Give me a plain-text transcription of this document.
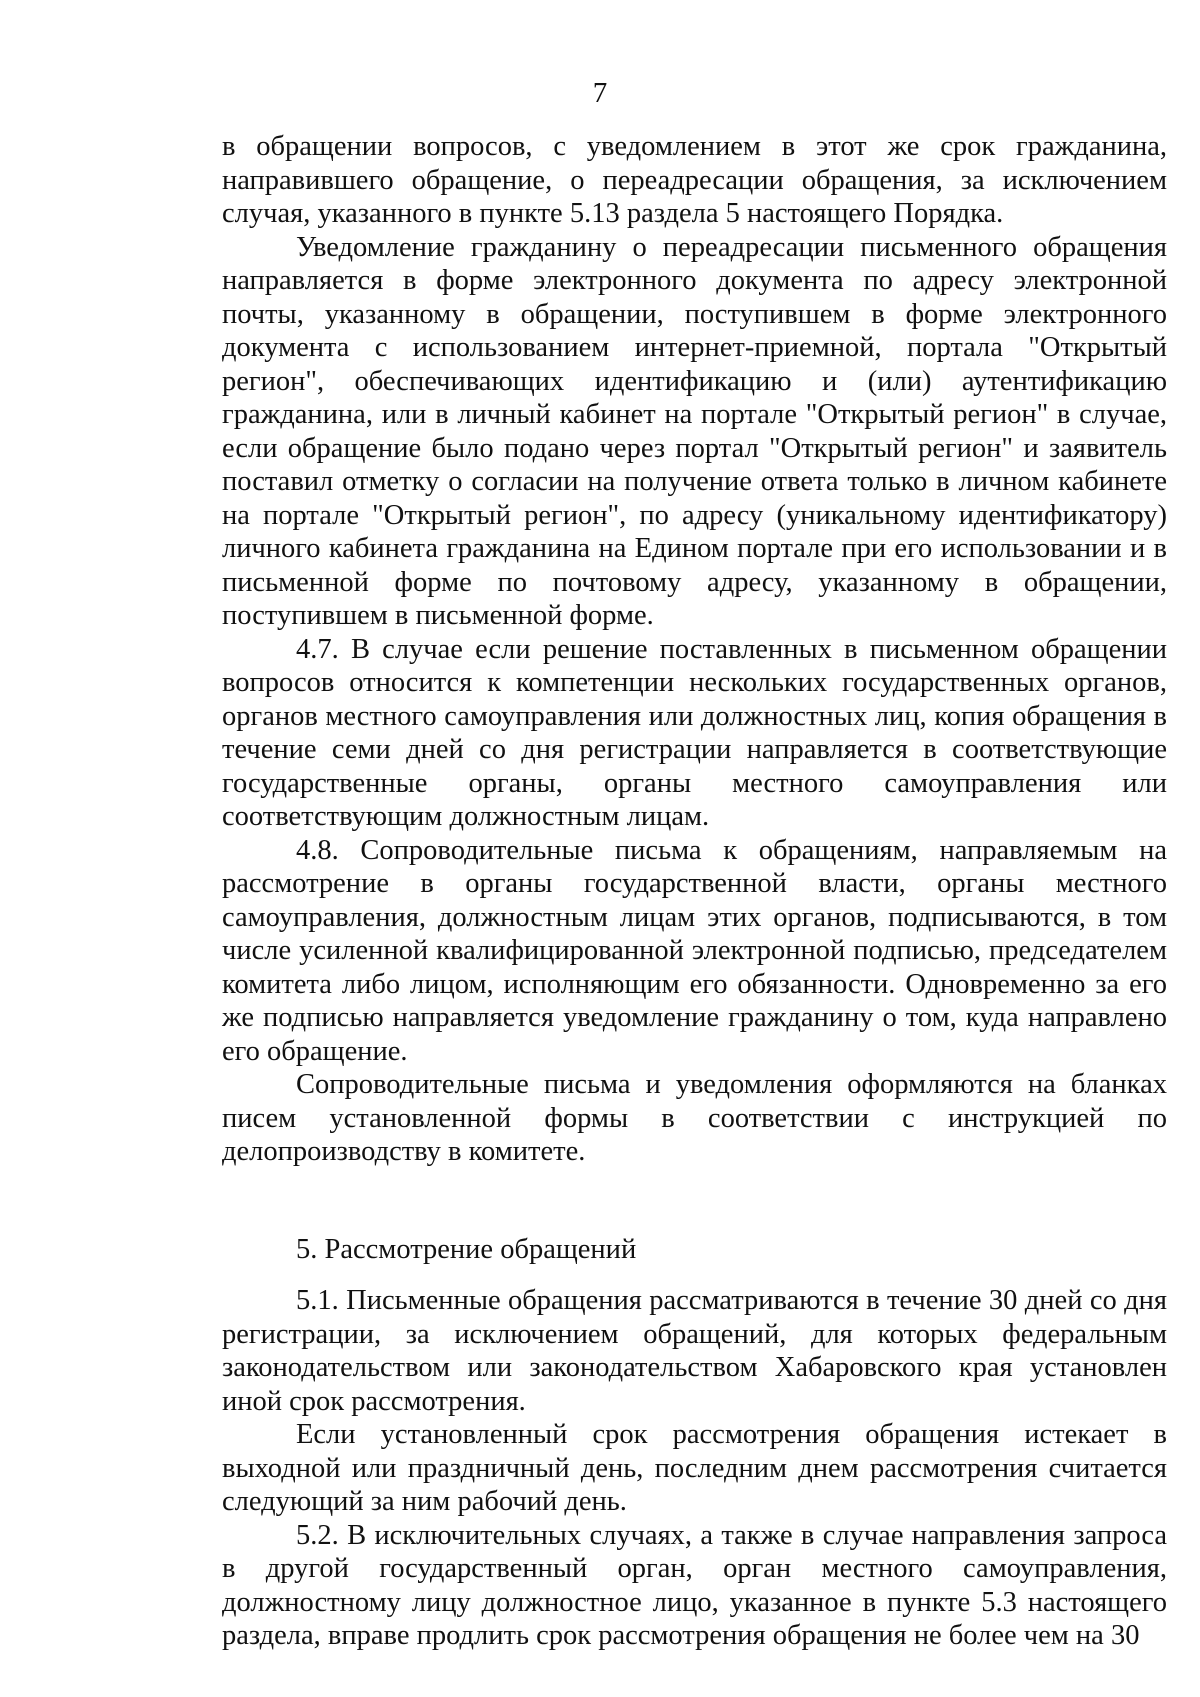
7

в обращении вопросов, с уведомлением в этот же срок гражданина, направившего обращение, о переадресации обращения, за исключением случая, указанного в пункте 5.13 раздела 5 настоящего Порядка.

Уведомление гражданину о переадресации письменного обращения направляется в форме электронного документа по адресу электронной почты, указанному в обращении, поступившем в форме электронного документа с использованием интернет-приемной, портала "Открытый регион", обеспечивающих идентификацию и (или) аутентификацию гражданина, или в личный кабинет на портале "Открытый регион" в случае, если обращение было подано через портал "Открытый регион" и заявитель поставил отметку о согласии на получение ответа только в личном кабинете на портале "Открытый регион", по адресу (уникальному идентификатору) личного кабинета гражданина на Едином портале при его использовании и в письменной форме по почтовому адресу, указанному в обращении, поступившем в письменной форме.

4.7. В случае если решение поставленных в письменном обращении вопросов относится к компетенции нескольких государственных органов, органов местного самоуправления или должностных лиц, копия обращения в течение семи дней со дня регистрации направляется в соответствующие государственные органы, органы местного самоуправления или соответствующим должностным лицам.

4.8. Сопроводительные письма к обращениям, направляемым на рассмотрение в органы государственной власти, органы местного самоуправления, должностным лицам этих органов, подписываются, в том числе усиленной квалифицированной электронной подписью, председателем комитета либо лицом, исполняющим его обязанности. Одновременно за его же подписью направляется уведомление гражданину о том, куда направлено его обращение.

Сопроводительные письма и уведомления оформляются на бланках писем установленной формы в соответствии с инструкцией по делопроизводству в комитете.

5. Рассмотрение обращений

5.1. Письменные обращения рассматриваются в течение 30 дней со дня регистрации, за исключением обращений, для которых федеральным законодательством или законодательством Хабаровского края установлен иной срок рассмотрения.

Если установленный срок рассмотрения обращения истекает в выходной или праздничный день, последним днем рассмотрения считается следующий за ним рабочий день.

5.2. В исключительных случаях, а также в случае направления запроса в другой государственный орган, орган местного самоуправления, должностному лицу должностное лицо, указанное в пункте 5.3 настоящего раздела, вправе продлить срок рассмотрения обращения не более чем на 30
